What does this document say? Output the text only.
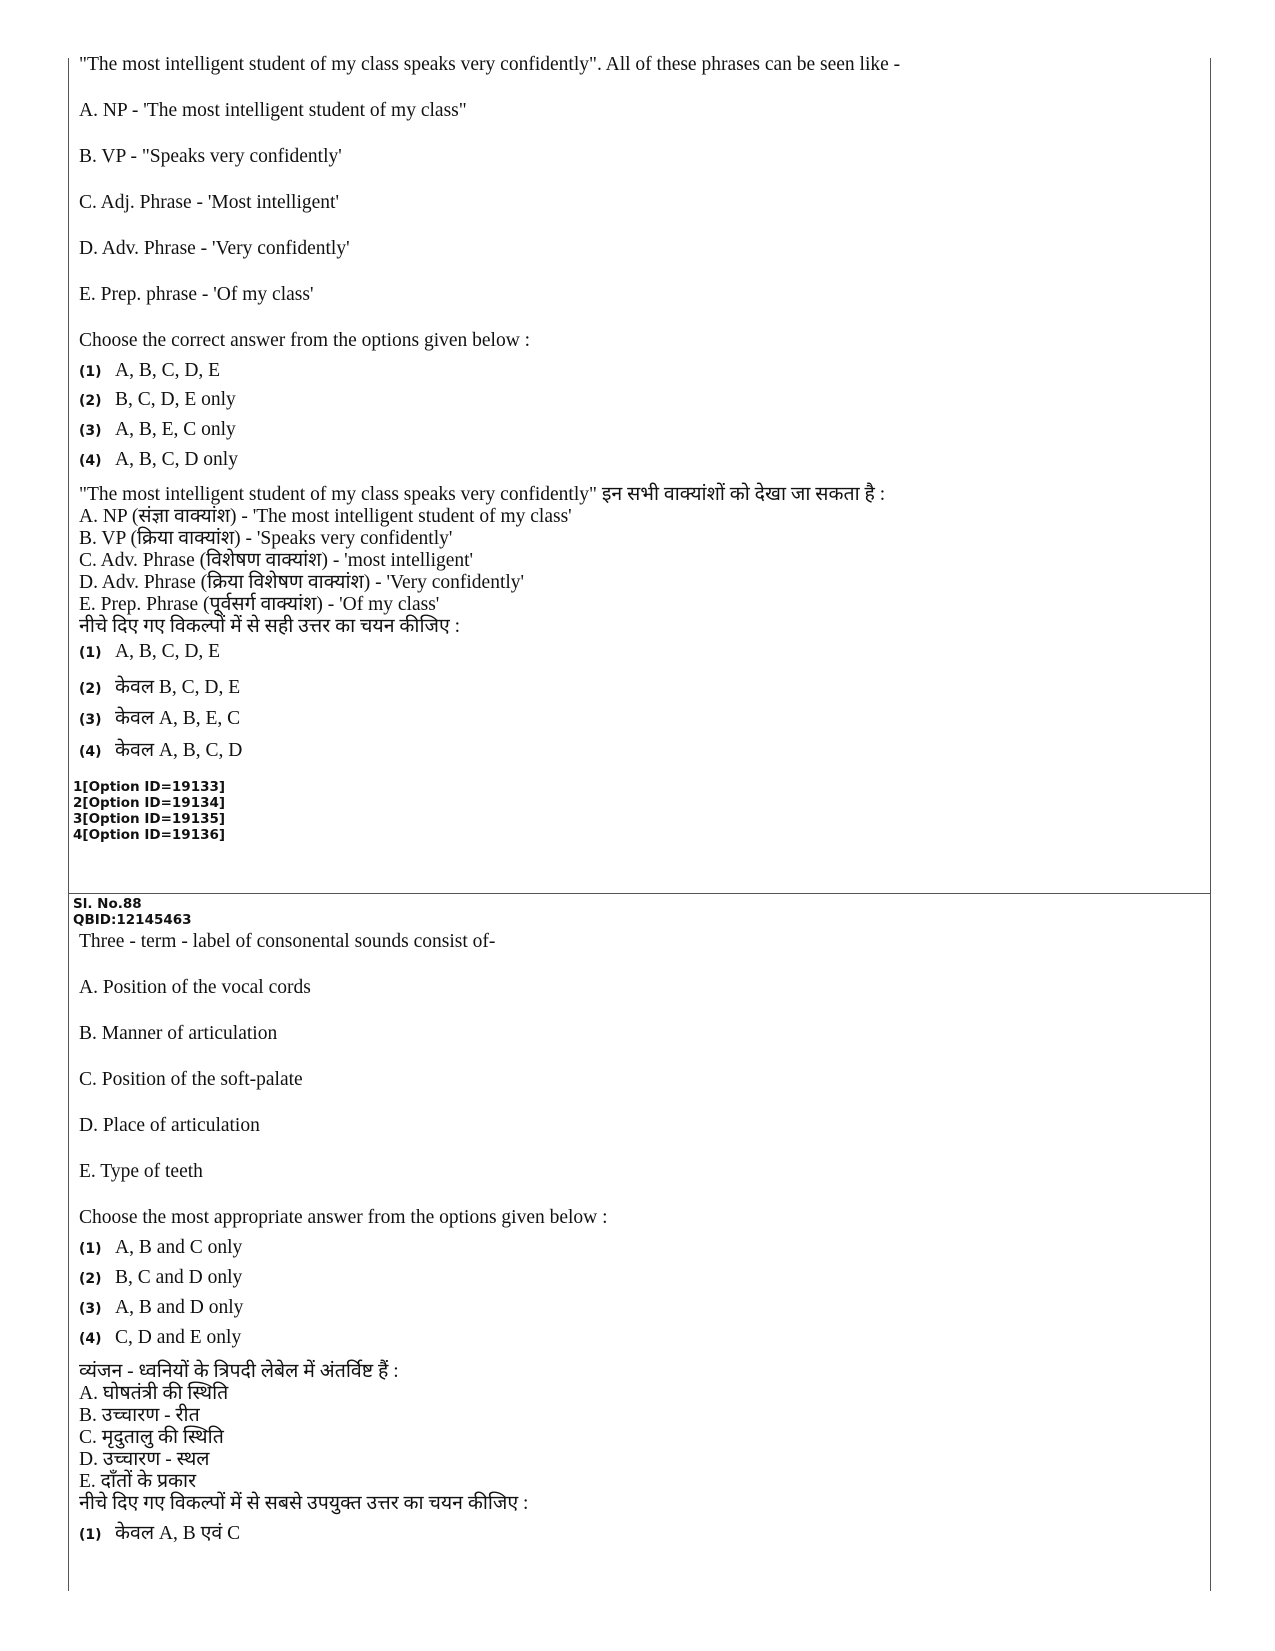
"The most intelligent student of my class speaks very confidently". All of these phrases can be seen like -
A. NP - 'The most intelligent student of my class"
B. VP - "Speaks very confidently'
C. Adj. Phrase - 'Most intelligent'
D. Adv. Phrase - 'Very confidently'
E. Prep. phrase - 'Of my class'
Choose the correct answer from the options given below :
(1) A, B, C, D, E
(2) B, C, D, E only
(3) A, B, E, C only
(4) A, B, C, D only
"The most intelligent student of my class speaks very confidently" इन सभी वाक्यांशों को देखा जा सकता है :
A. NP (संज्ञा वाक्यांश) - 'The most intelligent student of my class'
B. VP (क्रिया वाक्यांश) - 'Speaks very confidently'
C. Adv. Phrase (विशेषण वाक्यांश) - 'most intelligent'
D. Adv. Phrase (क्रिया विशेषण वाक्यांश) - 'Very confidently'
E. Prep. Phrase (पूर्वसर्ग वाक्यांश) - 'Of my class'
नीचे दिए गए विकल्पों में से सही उत्तर का चयन कीजिए :
(1) A, B, C, D, E
(2) केवल B, C, D, E
(3) केवल A, B, E, C
(4) केवल A, B, C, D
1[Option ID=19133]
2[Option ID=19134]
3[Option ID=19135]
4[Option ID=19136]
Sl. No.88
QBID:12145463
Three - term - label of consonental sounds consist of-
A. Position of the vocal cords
B. Manner of articulation
C. Position of the soft-palate
D. Place of articulation
E. Type of teeth
Choose the most appropriate answer from the options given below :
(1) A, B and C only
(2) B, C and D only
(3) A, B and D only
(4) C, D and E only
व्यंजन - ध्वनियों के त्रिपदी लेबेल में अंतर्विष्ट हैं :
A. घोषतंत्री की स्थिति
B. उच्चारण - रीत
C. मृदुतालु की स्थिति
D. उच्चारण - स्थल
E. दाँतों के प्रकार
नीचे दिए गए विकल्पों में से सबसे उपयुक्त उत्तर का चयन कीजिए :
(1) केवल A, B एवं C
